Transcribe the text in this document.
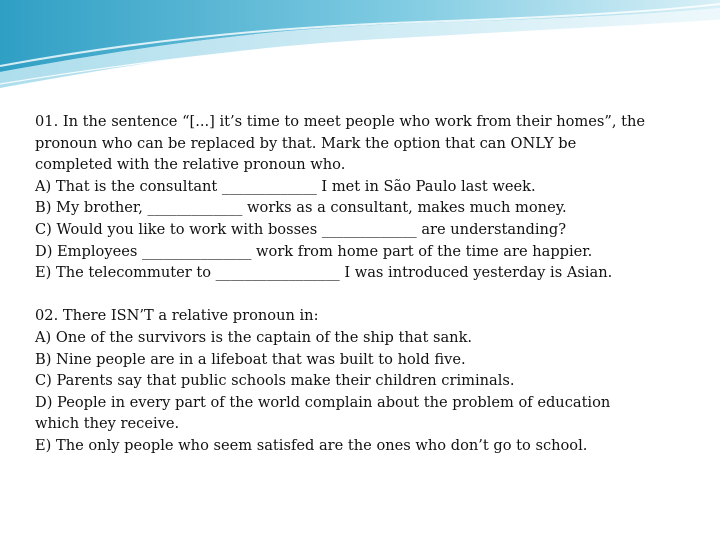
01. In the sentence “[...] it’s time to meet people who work from their homes”, the
pronoun who can be replaced by that. Mark the option that can ONLY be
completed with the relative pronoun who.
A) That is the consultant _____________ I met in São Paulo last week.
B) My brother, _____________ works as a consultant, makes much money.
C) Would you like to work with bosses _____________ are understanding?
D) Employees _______________ work from home part of the time are happier.
E) The telecommuter to _________________ I was introduced yesterday is Asian.
02. There ISN’T a relative pronoun in:
A) One of the survivors is the captain of the ship that sank.
B) Nine people are in a lifeboat that was built to hold five.
C) Parents say that public schools make their children criminals.
D) People in every part of the world complain about the problem of education
which they receive.
E) The only people who seem satisfed are the ones who don’t go to school.
